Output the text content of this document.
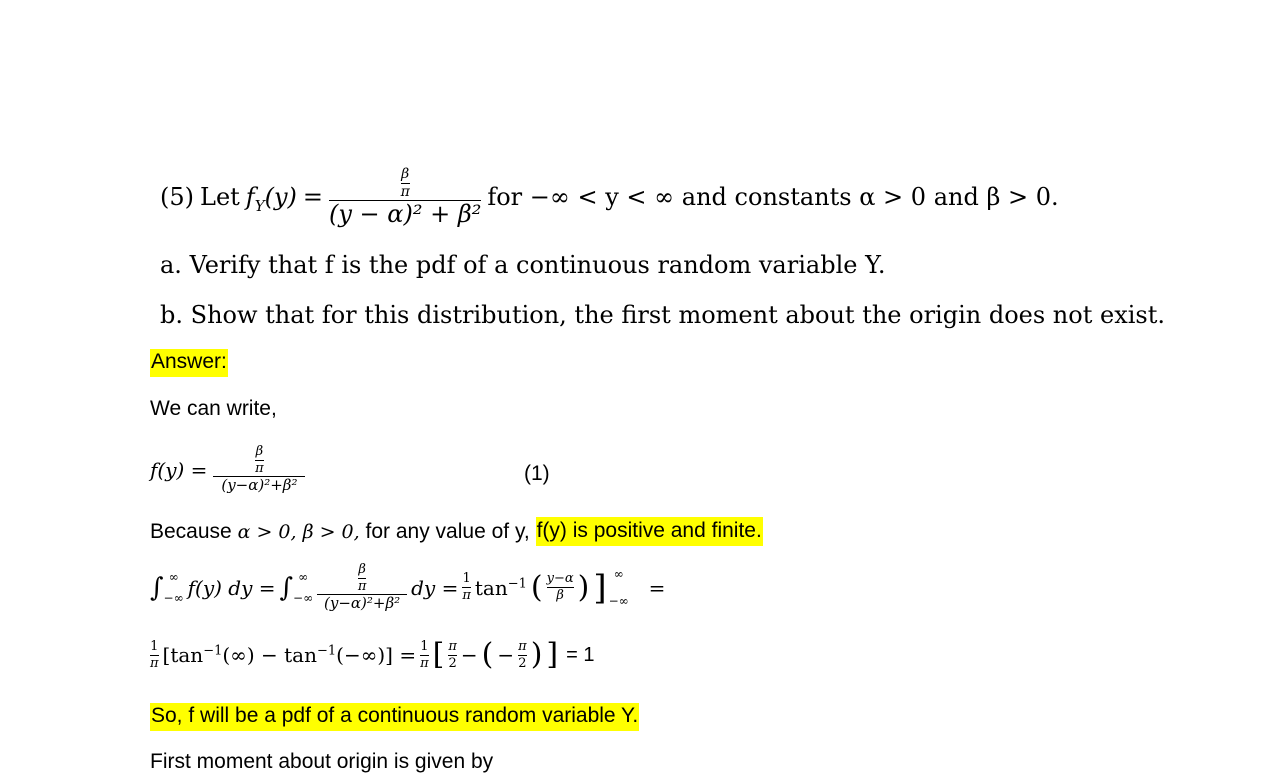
(5) Let $f_Y(y) = \frac{\frac{\beta}{\pi}}{\text{(y − α)² + β²}}$ for −∞ < y < ∞ and constants α > 0 and β > 0.
a. Verify that f is the pdf of a continuous random variable Y.
b. Show that for this distribution, the first moment about the origin does not exist.
Answer:
We can write,
$f(y) = \frac{\frac{\beta}{\pi}}{\text{(y−α)²+β²}}$	(1)
Because
α > 0, β > 0, for any value of y, f(y) is positive and finite.
∫ ∞
−∞ f(y) dy = ∫ ∞
−∞ $\frac{\frac{\beta}{\pi}}{\text{(y−α)²+β²}}$ dy = $\frac{1}{\pi} \tan^{-1}$ ( $\frac{y-\alpha}{\beta}$ ) ] ∞
−∞
=
$\frac{1}{\pi} [\tan^{-1}(\infty) - \tan^{-1}(-\infty)] = \frac{1}{\pi}$ [ $\frac{\pi}{2}$ − ( − $\frac{\pi}{2}$ ) ] = 1
So, f will be a pdf of a continuous random variable Y.
First moment about origin is given by
